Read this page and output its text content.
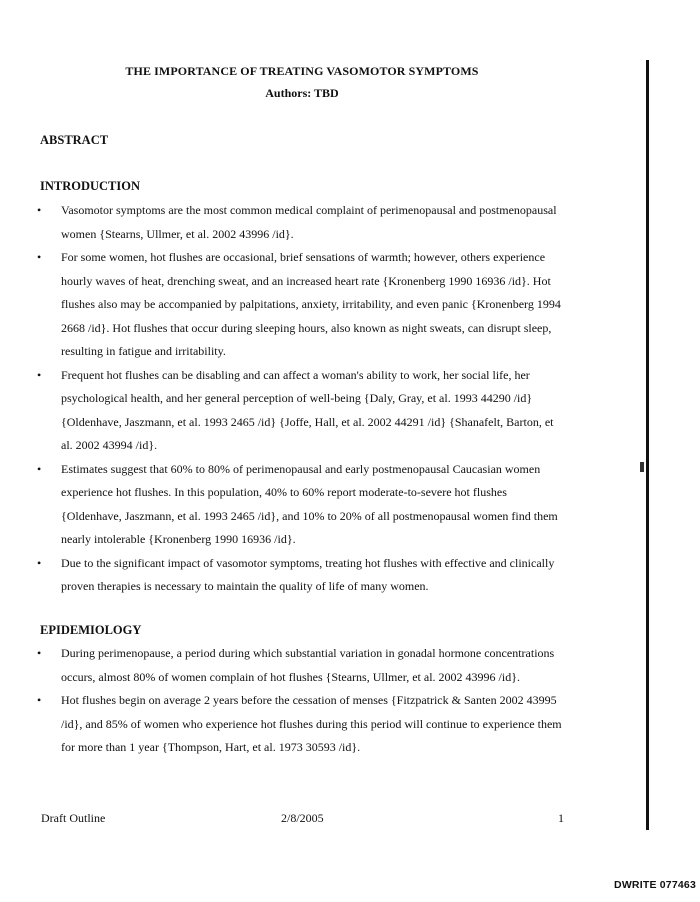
THE IMPORTANCE OF TREATING VASOMOTOR SYMPTOMS
Authors: TBD
ABSTRACT
INTRODUCTION
• Vasomotor symptoms are the most common medical complaint of perimenopausal and postmenopausal women {Stearns, Ullmer, et al. 2002 43996 /id}.
• For some women, hot flushes are occasional, brief sensations of warmth; however, others experience hourly waves of heat, drenching sweat, and an increased heart rate {Kronenberg 1990 16936 /id}. Hot flushes also may be accompanied by palpitations, anxiety, irritability, and even panic {Kronenberg 1994 2668 /id}. Hot flushes that occur during sleeping hours, also known as night sweats, can disrupt sleep, resulting in fatigue and irritability.
• Frequent hot flushes can be disabling and can affect a woman's ability to work, her social life, her psychological health, and her general perception of well-being {Daly, Gray, et al. 1993 44290 /id} {Oldenhave, Jaszmann, et al. 1993 2465 /id} {Joffe, Hall, et al. 2002 44291 /id} {Shanafelt, Barton, et al. 2002 43994 /id}.
• Estimates suggest that 60% to 80% of perimenopausal and early postmenopausal Caucasian women experience hot flushes. In this population, 40% to 60% report moderate-to-severe hot flushes {Oldenhave, Jaszmann, et al. 1993 2465 /id}, and 10% to 20% of all postmenopausal women find them nearly intolerable {Kronenberg 1990 16936 /id}.
• Due to the significant impact of vasomotor symptoms, treating hot flushes with effective and clinically proven therapies is necessary to maintain the quality of life of many women.
EPIDEMIOLOGY
• During perimenopause, a period during which substantial variation in gonadal hormone concentrations occurs, almost 80% of women complain of hot flushes {Stearns, Ullmer, et al. 2002 43996 /id}.
• Hot flushes begin on average 2 years before the cessation of menses {Fitzpatrick & Santen 2002 43995 /id}, and 85% of women who experience hot flushes during this period will continue to experience them for more than 1 year {Thompson, Hart, et al. 1973 30593 /id}.
Draft Outline	2/8/2005	1
DWRITE 077463
